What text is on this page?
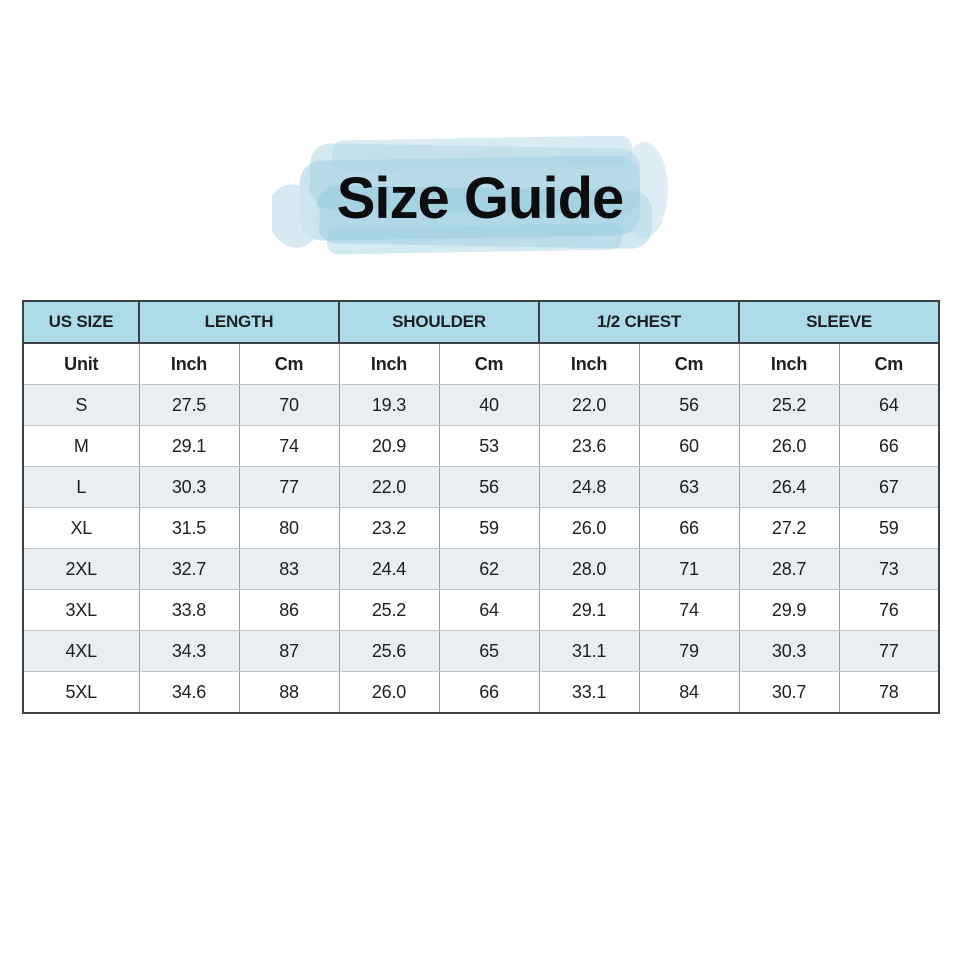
Size Guide
US SIZE	LENGTH		SHOULDER		1/2 CHEST		SLEEVE	
Unit	Inch	Cm	Inch	Cm	Inch	Cm	Inch	Cm
S	27.5	70	19.3	40	22.0	56	25.2	64
M	29.1	74	20.9	53	23.6	60	26.0	66
L	30.3	77	22.0	56	24.8	63	26.4	67
XL	31.5	80	23.2	59	26.0	66	27.2	59
2XL	32.7	83	24.4	62	28.0	71	28.7	73
3XL	33.8	86	25.2	64	29.1	74	29.9	76
4XL	34.3	87	25.6	65	31.1	79	30.3	77
5XL	34.6	88	26.0	66	33.1	84	30.7	78
